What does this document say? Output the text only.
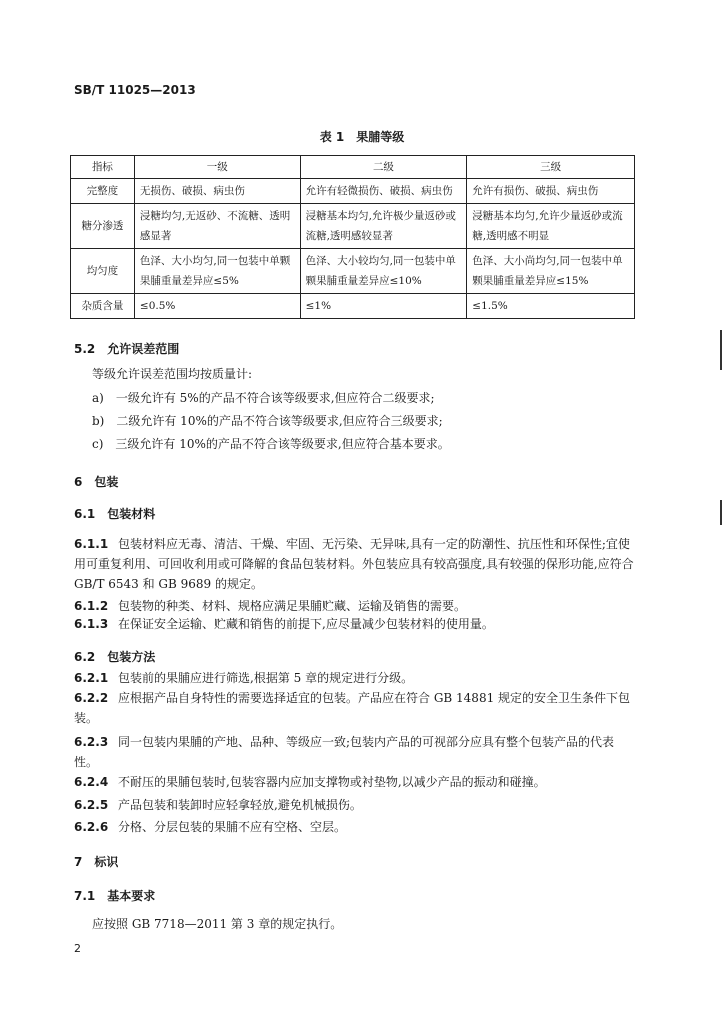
SB/T 11025—2013
表 1　果脯等级
指标	一级	二级	三级
完整度	无损伤、破损、病虫伤	允许有轻微损伤、破损、病虫伤	允许有损伤、破损、病虫伤
糖分渗透	浸糖均匀,无返砂、不流糖、透明感显著	浸糖基本均匀,允许极少量返砂或流糖,透明感较显著	浸糖基本均匀,允许少量返砂或流糖,透明感不明显
均匀度	色泽、大小均匀,同一包装中单颗果脯重量差异应≤5%	色泽、大小较均匀,同一包装中单颗果脯重量差异应≤10%	色泽、大小尚均匀,同一包装中单颗果脯重量差异应≤15%
杂质含量	≤0.5%	≤1%	≤1.5%
5.2　允许误差范围
等级允许误差范围均按质量计:
a)　一级允许有 5%的产品不符合该等级要求,但应符合二级要求;
b)　二级允许有 10%的产品不符合该等级要求,但应符合三级要求;
c)　三级允许有 10%的产品不符合该等级要求,但应符合基本要求。
6　包装
6.1　包装材料
6.1.1 包装材料应无毒、清洁、干燥、牢固、无污染、无异味,具有一定的防潮性、抗压性和环保性;宜使用可重复利用、可回收利用或可降解的食品包装材料。外包装应具有较高强度,具有较强的保形功能,应符合 GB/T 6543 和 GB 9689 的规定。
6.1.2 包装物的种类、材料、规格应满足果脯贮藏、运输及销售的需要。
6.1.3 在保证安全运输、贮藏和销售的前提下,应尽量减少包装材料的使用量。
6.2　包装方法
6.2.1 包装前的果脯应进行筛选,根据第 5 章的规定进行分级。
6.2.2 应根据产品自身特性的需要选择适宜的包装。产品应在符合 GB 14881 规定的安全卫生条件下包装。
6.2.3 同一包装内果脯的产地、品种、等级应一致;包装内产品的可视部分应具有整个包装产品的代表性。
6.2.4 不耐压的果脯包装时,包装容器内应加支撑物或衬垫物,以减少产品的振动和碰撞。
6.2.5 产品包装和装卸时应轻拿轻放,避免机械损伤。
6.2.6 分格、分层包装的果脯不应有空格、空层。
7　标识
7.1　基本要求
应按照 GB 7718—2011 第 3 章的规定执行。
2
